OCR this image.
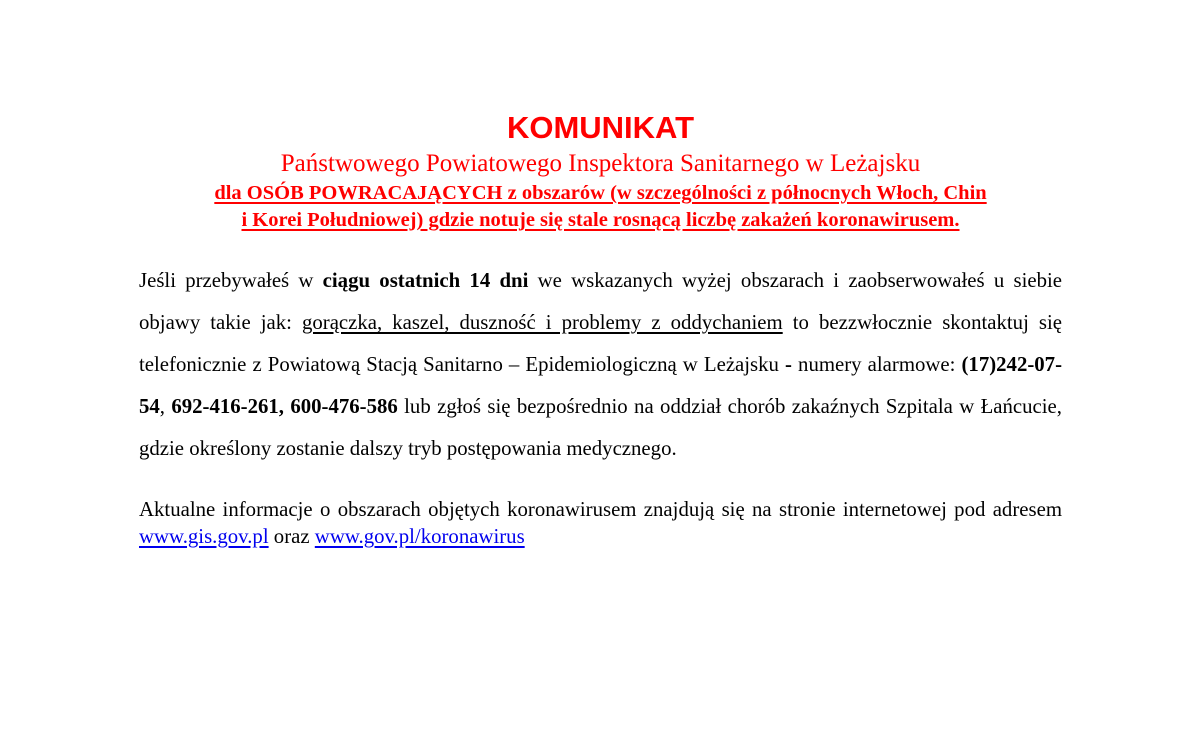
KOMUNIKAT

Państwowego Powiatowego Inspektora Sanitarnego w Leżajsku

dla OSÓB POWRACAJĄCYCH z obszarów (w szczególności z północnych Włoch, Chin
i Korei Południowej) gdzie notuje się stale rosnącą liczbę zakażeń koronawirusem.

Jeśli przebywałeś w ciągu ostatnich 14 dni we wskazanych wyżej obszarach i zaobserwowałeś u siebie objawy takie jak: gorączka, kaszel, duszność i problemy z oddychaniem to bezzwłocznie skontaktuj się telefonicznie z Powiatową Stacją Sanitarno – Epidemiologiczną w Leżajsku - numery alarmowe: (17)242-07-54, 692-416-261, 600-476-586 lub zgłoś się bezpośrednio na oddział chorób zakaźnych Szpitala w Łańcucie, gdzie określony zostanie dalszy tryb postępowania medycznego.

Aktualne informacje o obszarach objętych koronawirusem znajdują się na stronie internetowej pod adresem www.gis.gov.pl oraz www.gov.pl/koronawirus
